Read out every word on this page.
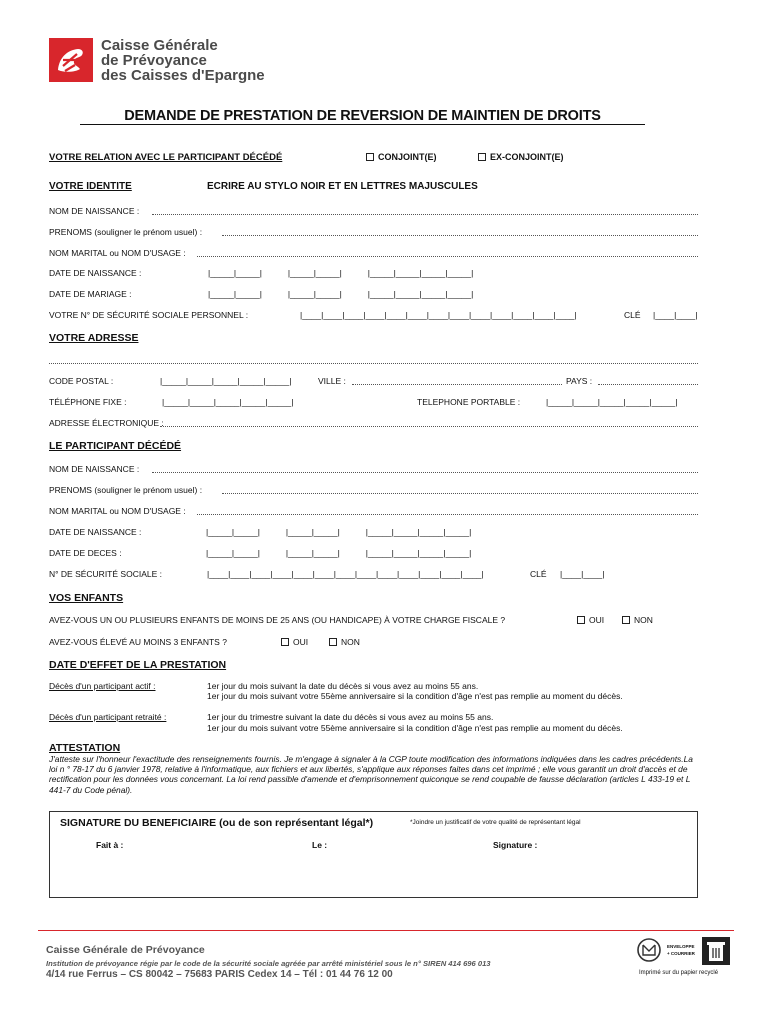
Caisse Générale
de Prévoyance
des Caisses d'Epargne
DEMANDE DE PRESTATION DE REVERSION DE MAINTIEN DE DROITS
VOTRE RELATION AVEC LE PARTICIPANT DÉCÉDÉ	CONJOINT(E)	EX-CONJOINT(E)
VOTRE IDENTITE	ECRIRE AU STYLO NOIR ET EN LETTRES MAJUSCULES
NOM DE NAISSANCE :
PRENOMS (souligner le prénom usuel) :
NOM MARITAL ou NOM D'USAGE :
DATE DE NAISSANCE :	|_____|_____|           |_____|_____|           |_____|_____|_____|_____|
DATE DE MARIAGE :	|_____|_____|           |_____|_____|           |_____|_____|_____|_____|
VOTRE N° DE SÉCURITÉ SOCIALE PERSONNEL :	|____|____|____|____|____|____|____|____|____|____|____|____|____|	CLÉ |____|____|
VOTRE ADRESSE
CODE POSTAL :	|_____|_____|_____|_____|_____|	VILLE :	PAYS :
TÉLÉPHONE FIXE :	|_____|_____|_____|_____|_____|	TELEPHONE PORTABLE :	|_____|_____|_____|_____|_____|
ADRESSE ÉLECTRONIQUE :
LE PARTICIPANT DÉCÉDÉ
NOM DE NAISSANCE :
PRENOMS (souligner le prénom usuel) :
NOM MARITAL ou NOM D'USAGE :
DATE DE NAISSANCE :	|_____|_____|           |_____|_____|           |_____|_____|_____|_____|
DATE DE DECES :	|_____|_____|           |_____|_____|           |_____|_____|_____|_____|
N° DE SÉCURITÉ SOCIALE :	|____|____|____|____|____|____|____|____|____|____|____|____|____|	CLÉ |____|____|
VOS ENFANTS
AVEZ-VOUS UN OU PLUSIEURS ENFANTS DE MOINS DE 25 ANS (OU HANDICAPE) À VOTRE CHARGE FISCALE ?	OUI	NON
AVEZ-VOUS ÉLEVÉ AU MOINS 3 ENFANTS ?	OUI	NON
DATE D'EFFET DE LA PRESTATION
Décès d'un participant actif :	1er jour du mois suivant la date du décès si vous avez au moins 55 ans.
1er jour du mois suivant votre 55ème anniversaire si la condition d'âge n'est pas remplie au moment du décès.
Décès d'un participant retraité :	1er jour du trimestre suivant la date du décès si vous avez au moins 55 ans.
1er jour du mois suivant votre 55ème anniversaire si la condition d'âge n'est pas remplie au moment du décès.
ATTESTATION
J'atteste sur l'honneur l'exactitude des renseignements fournis. Je m'engage à signaler à la CGP toute modification des informations indiquées dans les cadres précédents.La loi n ° 78-17 du 6 janvier 1978, relative à l'informatique, aux fichiers et aux libertés, s'applique aux réponses faites dans cet imprimé ; elle vous garantit un droit d'accès et de rectification pour les données vous concernant. La loi rend passible d'amende et d'emprisonnement quiconque se rend coupable de fausse déclaration (articles L 433-19 et L 441-7 du Code pénal).
SIGNATURE DU BENEFICIAIRE (ou de son représentant légal*)	*Joindre un justificatif de votre qualité de représentant légal
Fait à :	Le :	Signature :
Caisse Générale de Prévoyance
Institution de prévoyance régie par le code de la sécurité sociale agréée par arrêté ministériel sous le n° SIREN 414 696 013
4/14 rue Ferrus – CS 80042 – 75683 PARIS Cedex 14 – Tél : 01 44 76 12 00
ENVELOPPE
+ COURRIER
Imprimé sur du papier recyclé
